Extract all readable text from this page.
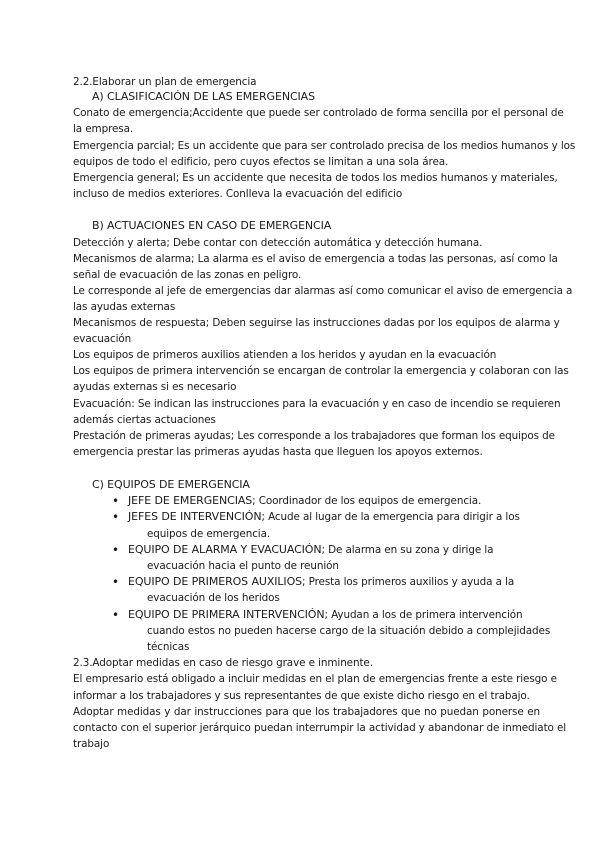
2.2.Elaborar un plan de emergencia
A) CLASIFICACIÓN DE LAS EMERGENCIAS
Conato de emergencia;Accidente que puede ser controlado de forma sencilla por el personal de
la empresa.
Emergencia parcial; Es un accidente que para ser controlado precisa de los medios humanos y los
equipos de todo el edificio, pero cuyos efectos se limitan a una sola área.
Emergencia general; Es un accidente que necesita de todos los medios humanos y materiales,
incluso de medios exteriores. Conlleva la evacuación del edificio
B) ACTUACIONES EN CASO DE EMERGENCIA
Detección y alerta; Debe contar con detección automática y detección humana.
Mecanismos de alarma; La alarma es el aviso de emergencia a todas las personas, así como la
señal de evacuación de las zonas en peligro.
Le corresponde al jefe de emergencias dar alarmas así como comunicar el aviso de emergencia a
las ayudas externas
Mecanismos de respuesta; Deben seguirse las instrucciones dadas por los equipos de alarma y
evacuación
Los equipos de primeros auxilios atienden a los heridos y ayudan en la evacuación
Los equipos de primera intervención se encargan de controlar la emergencia y colaboran con las
ayudas externas si es necesario
Evacuación: Se indican las instrucciones para la evacuación y en caso de incendio se requieren
además ciertas actuaciones
Prestación de primeras ayudas; Les corresponde a los trabajadores que forman los equipos de
emergencia prestar las primeras ayudas hasta que lleguen los apoyos externos.
C) EQUIPOS DE EMERGENCIA
• JEFE DE EMERGENCIAS; Coordinador de los equipos de emergencia.
• JEFES DE INTERVENCIÓN; Acude al lugar de la emergencia para dirigir a los
equipos de emergencia.
• EQUIPO DE ALARMA Y EVACUACIÓN; De alarma en su zona y dirige la
evacuación hacia el punto de reunión
• EQUIPO DE PRIMEROS AUXILIOS; Presta los primeros auxilios y ayuda a la
evacuación de los heridos
• EQUIPO DE PRIMERA INTERVENCIÓN; Ayudan a los de primera intervención
cuando estos no pueden hacerse cargo de la situación debido a complejidades
técnicas
2.3.Adoptar medidas en caso de riesgo grave e inminente.
El empresario está obligado a incluir medidas en el plan de emergencias frente a este riesgo e
informar a los trabajadores y sus representantes de que existe dicho riesgo en el trabajo.
Adoptar medidas y dar instrucciones para que los trabajadores que no puedan ponerse en
contacto con el superior jerárquico puedan interrumpir la actividad y abandonar de inmediato el
trabajo
